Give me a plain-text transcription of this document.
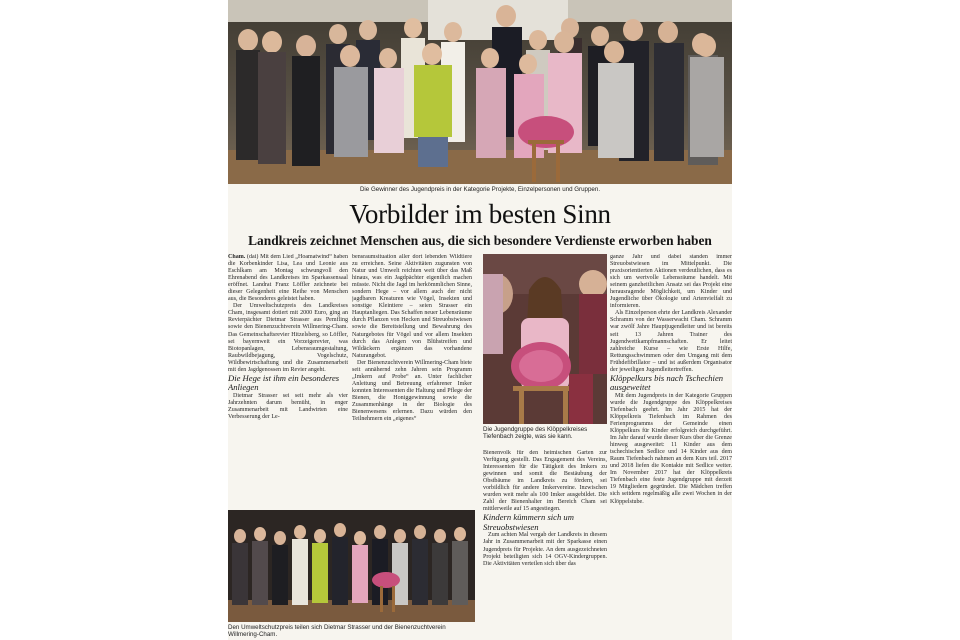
Die Gewinner des Jugendpreis in der Kategorie Projekte, Einzelpersonen und Gruppen.
Vorbilder im besten Sinn
Landkreis zeichnet Menschen aus, die sich besondere Verdienste erworben haben

Cham. (dai) Mit dem Lied „Hoamatwind“ haben die Korbenkinder Lisa, Lea und Leonie aus Eschlkam am Montag schwungvoll den Ehrenabend des Landkreises im Sparkassensaal eröffnet. Landrat Franz Löffler zeichnete bei dieser Gelegenheit eine Reihe von Menschen aus, die Besonderes geleistet haben.

Der Umweltschutzpreis des Landkreises Cham, insgesamt dotiert mit 2000 Euro, ging an Revierpächter Dietmar Strasser aus Pemfling sowie den Bienenzuchtverein Willmering-Cham. Das Gemeinschaftsrevier Hitzelsberg, so Löffler, sei bayernweit ein Vorzeigerevier, was Biotopanlagen, Lebensraumgestaltung, Raubwildbejagung, Vogelschutz, Wildbewirtschaftung und die Zusammenarbeit mit den Jagdgenossen im Revier angeht.

Die Hege ist ihm ein besonderes Anliegen

Dietmar Strasser sei seit mehr als vier Jahrzehnten darum bemüht, in enger Zusammenarbeit mit Landwirten eine Verbesserung der Le-

bensraumsituation aller dort lebenden Wildtiere zu erreichen. Seine Aktivitäten zugunsten von Natur und Umwelt reichten weit über das Maß hinaus, was ein Jagdpächter eigentlich machen müsste. Nicht die Jagd im herkömmlichen Sinne, sondern Hege – vor allem auch der nicht jagdbaren Kreaturen wie Vögel, Insekten und sonstige Kleintiere – seien Strasser ein Hauptanliegen. Das Schaffen neuer Lebensräume durch Pflanzen von Hecken und Streuobstwiesen sowie die Bereitstellung und Bewahrung des Naturgebotes für Vögel und vor allem Insekten durch das Anlegen von Blühstreifen und Wildäckern ergänzen das vorhandene Naturangebot.

Der Bienenzuchtverein Willmering-Cham biete seit annähernd zehn Jahren sein Programm „Imkern auf Probe“ an. Unter fachlicher Anleitung und Betreuung erfahrener Imker konnten Interessenten die Haltung und Pflege der Bienen, die Honiggewinnung sowie die Zusammenhänge in der Biologie des Bienenwesens erlernen. Dazu würden den Teilnehmern ein „eigenes“

Die Jugendgruppe des Klöppelkreises Tiefenbach zeigte, was sie kann.

Bienenvolk für den heimischen Garten zur Verfügung gestellt. Das Engagement des Vereins, Interessenten für die Tätigkeit des Imkers zu gewinnen und somit die Bestäubung der Obstbäume im Landkreis zu fördern, sei vorbildlich für andere Imkervereine. Inzwischen wurden weit mehr als 100 Imker ausgebildet. Die Zahl der Bienenhalter im Bereich Cham sei mittlerweile auf 15 angestiegen.

Kindern kümmern sich um Streuobstwiesen

Zum achten Mal vergab der Landkreis in diesem Jahr in Zusammenarbeit mit der Sparkasse einen Jugendpreis für Projekte. An dem ausgezeichneten Projekt beteiligten sich 14 OGV-Kindergruppen. Die Aktivitäten verteilen sich über das

ganze Jahr und dabei standen immer Streuobstwiesen im Mittelpunkt. Die praxisorientierten Aktionen verdeutlichen, dass es sich um wertvolle Lebensräume handelt. Mit seinem ganzheitlichen Ansatz sei das Projekt eine herausragende Möglichkeit, um Kinder und Jugendliche über Ökologie und Artenvielfalt zu informieren.

Als Einzelperson ehrte der Landkreis Alexander Schramm von der Wasserwacht Cham. Schramm war zwölf Jahre Hauptjugendleiter und ist bereits seit 13 Jahren Trainer des Jugendwettkampfmannschaften. Er leitet zahlreiche Kurse – wie Erste Hilfe, Rettungsschwimmen oder den Umgang mit dem Frühdefibrillator – und ist außerdem Organisator der jeweiligen Jugendleitertreffen.

Klöppelkurs bis nach Tschechien ausgeweitet

Mit dem Jugendpreis in der Kategorie Gruppen wurde die Jugendgruppe des Klöppelkreises Tiefenbach geehrt. Im Jahr 2015 hat der Klöppelkreis Tiefenbach im Rahmen des Ferienprogramms der Gemeinde einen Klöppelkurs für Kinder erfolgreich durchgeführt. Im Jahr darauf wurde dieser Kurs über die Grenze hinweg ausgeweitet: 11 Kinder aus dem tschechischen Sedlice und 14 Kinder aus dem Raum Tiefenbach nahmen an dem Kurs teil. 2017 und 2018 liefen die Kontakte mit Sedlice weiter. Im November 2017 hat der Klöppelkreis Tiefenbach eine feste Jugendgruppe mit derzeit 19 Mitgliedern gegründet. Die Mädchen treffen sich seitdem regelmäßig alle zwei Wochen in der Klöppelstube.

Den Umweltschutzpreis teilen sich Dietmar Strasser und der Bienenzuchtverein Willmering-Cham.
